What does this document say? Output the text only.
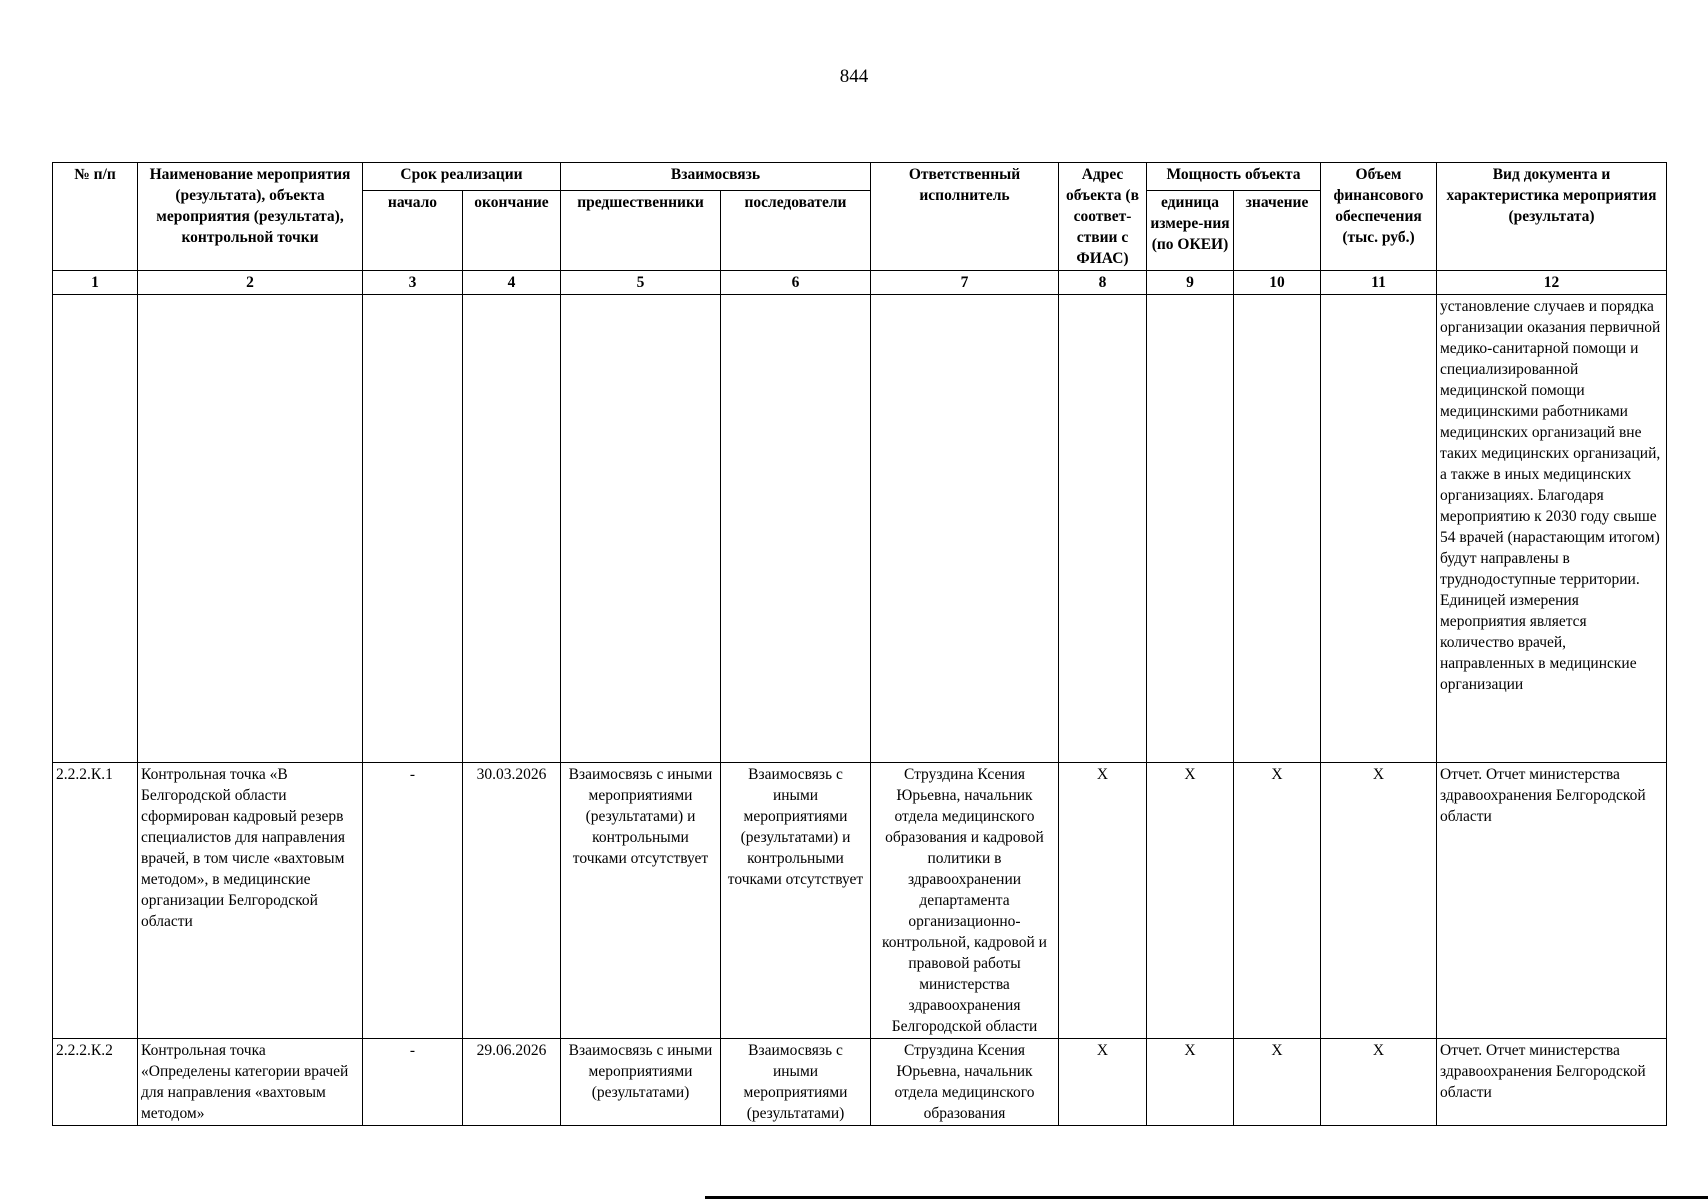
844
№ п/п	Наименование мероприятия (результата), объекта мероприятия (результата), контрольной точки	Срок реализации		Взаимосвязь		Ответственный исполнитель	Адрес объекта (в соответ-ствии с ФИАС)	Мощность объекта		Объем финансового обеспечения (тыс. руб.)	Вид документа и характеристика мероприятия (результата)
		начало	окончание	предшественники	последователи			единица измере-ния (по ОКЕИ)	значение		
1	2	3	4	5	6	7	8	9	10	11	12
											установление случаев и порядка организации оказания первичной медико-санитарной помощи и специализированной медицинской помощи медицинскими работниками медицинских организаций вне таких медицинских организаций, а также в иных медицинских организациях. Благодаря мероприятию к 2030 году свыше 54 врачей (нарастающим итогом) будут направлены в труднодоступные территории. Единицей измерения мероприятия является количество врачей, направленных в медицинские организации
2.2.2.К.1	Контрольная точка «В Белгородской области сформирован кадровый резерв специалистов для направления врачей, в том числе «вахтовым методом», в медицинские организации Белгородской области	-	30.03.2026	Взаимосвязь с иными мероприятиями (результатами) и контрольными точками отсутствует	Взаимосвязь с иными мероприятиями (результатами) и контрольными точками отсутствует	Струздина Ксения Юрьевна, начальник отдела медицинского образования и кадровой политики в здравоохранении департамента организационно-контрольной, кадровой и правовой работы министерства здравоохранения Белгородской области	X	X	X	X	Отчет. Отчет министерства здравоохранения Белгородской области
2.2.2.К.2	Контрольная точка «Определены категории врачей для направления «вахтовым методом»	-	29.06.2026	Взаимосвязь с иными мероприятиями (результатами)	Взаимосвязь с иными мероприятиями (результатами)	Струздина Ксения Юрьевна, начальник отдела медицинского образования	X	X	X	X	Отчет. Отчет министерства здравоохранения Белгородской области
